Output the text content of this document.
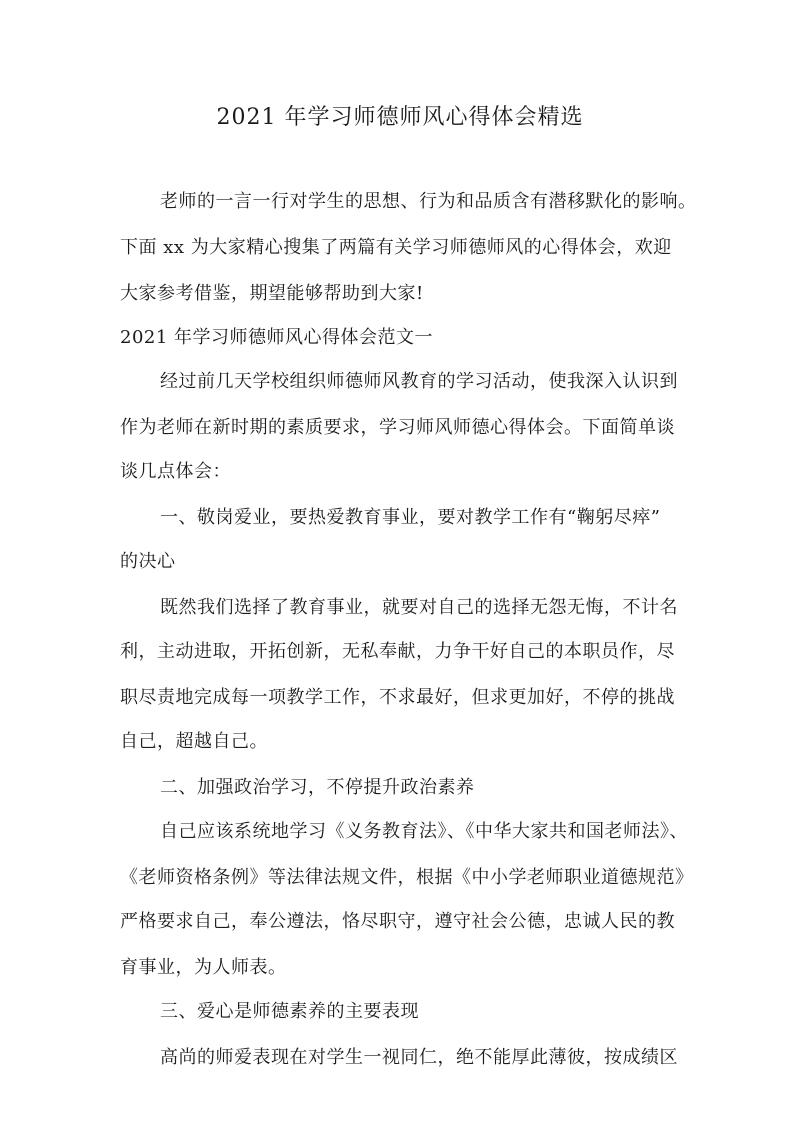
2021 年学习师德师风心得体会精选
老师的一言一行对学生的思想、行为和品质含有潜移默化的影响。
下面 xx 为大家精心搜集了两篇有关学习师德师风的心得体会，欢迎
大家参考借鉴，期望能够帮助到大家!
2021 年学习师德师风心得体会范文一
经过前几天学校组织师德师风教育的学习活动，使我深入认识到
作为老师在新时期的素质要求，学习师风师德心得体会。下面简单谈
谈几点体会：
一、敬岗爱业，要热爱教育事业，要对教学工作有“鞠躬尽瘁”
的决心
既然我们选择了教育事业，就要对自己的选择无怨无悔，不计名
利，主动进取，开拓创新，无私奉献，力争干好自己的本职员作，尽
职尽责地完成每一项教学工作，不求最好，但求更加好，不停的挑战
自己，超越自己。
二、加强政治学习，不停提升政治素养
自己应该系统地学习《义务教育法》、《中华大家共和国老师法》、
《老师资格条例》等法律法规文件，根据《中小学老师职业道德规范》
严格要求自己，奉公遵法，恪尽职守，遵守社会公德，忠诚人民的教
育事业，为人师表。
三、爱心是师德素养的主要表现
高尚的师爱表现在对学生一视同仁，绝不能厚此薄彼，按成绩区
